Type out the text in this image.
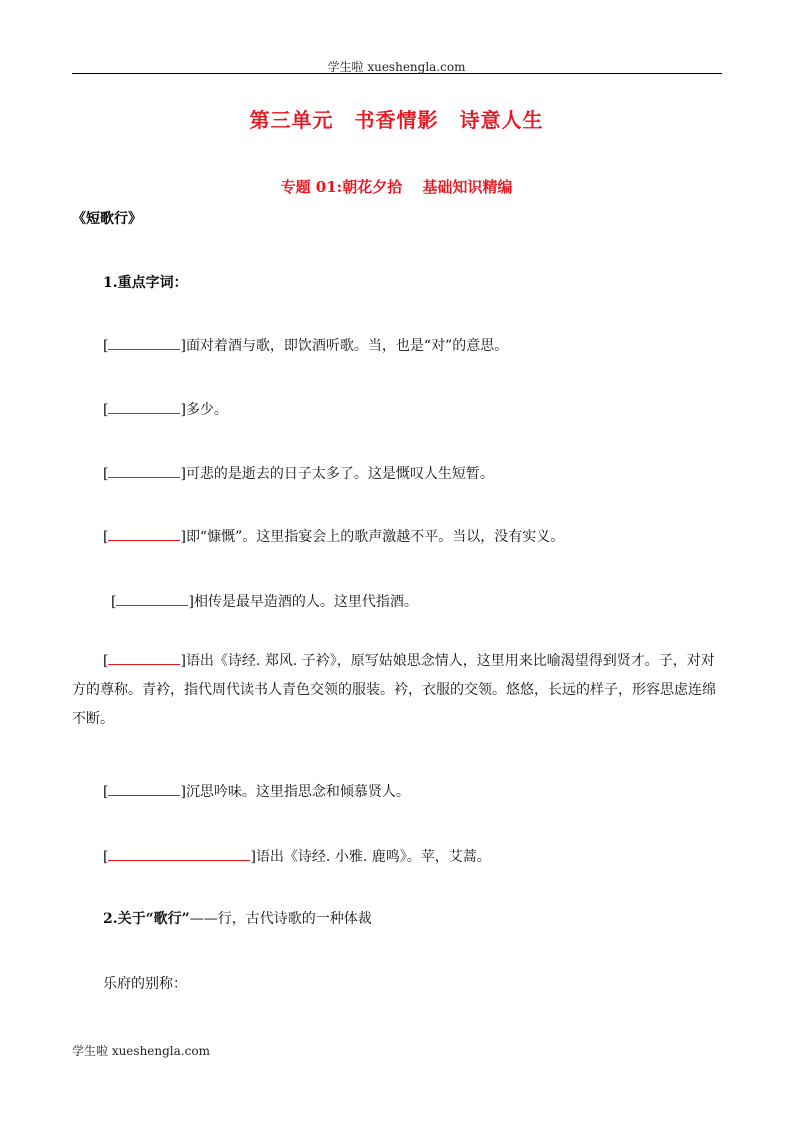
学生啦 xueshengla.com
第三单元　书香情影　诗意人生
专题 01:朝花夕拾　 基础知识精编
《短歌行》
1.重点字词：
[	]面对着酒与歌，即饮酒听歌。当，也是“对”的意思。
[	]多少。
[	]可悲的是逝去的日子太多了。这是慨叹人生短暂。
[	]即“慷慨”。这里指宴会上的歌声激越不平。当以，没有实义。
[	]相传是最早造酒的人。这里代指酒。
[	]语出《诗经. 郑风. 子衿》，原写姑娘思念情人，这里用来比喻渴望得到贤才。子，对对方的尊称。青衿，指代周代读书人青色交领的服装。衿，衣服的交领。悠悠，长远的样子，形容思虑连绵不断。
[	]沉思吟味。这里指思念和倾慕贤人。
[	]语出《诗经. 小雅. 鹿鸣》。苹，艾蒿。
2.关于“歌行”——行，古代诗歌的一种体裁
乐府的别称：
学生啦 xueshengla.com
